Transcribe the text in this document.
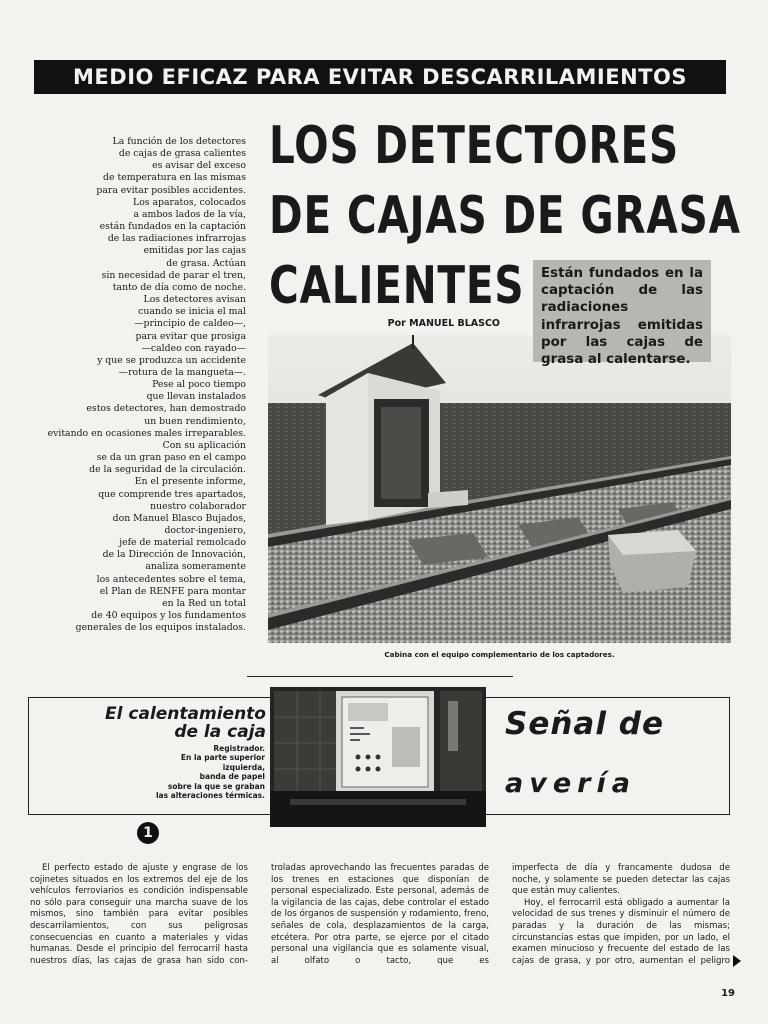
MEDIO EFICAZ PARA EVITAR DESCARRILAMIENTOS
La función de los detectores
de cajas de grasa calientes
es avisar del exceso
de temperatura en las mismas
para evitar posibles accidentes.
Los aparatos, colocados
a ambos lados de la vía,
están fundados en la captación
de las radiaciones infrarrojas
emitidas por las cajas
de grasa. Actúan
sin necesidad de parar el tren,
tanto de día como de noche.
Los detectores avisan
cuando se inicia el mal
—principio de caldeo—,
para evitar que prosiga
—caldeo con rayado—
y que se produzca un accidente
—rotura de la mangueta—.
Pese al poco tiempo
que llevan instalados
estos detectores, han demostrado
un buen rendimiento,
evitando en ocasiones males irreparables.
Con su aplicación
se da un gran paso en el campo
de la seguridad de la circulación.
En el presente informe,
que comprende tres apartados,
nuestro colaborador
don Manuel Blasco Bujados,
doctor-ingeniero,
jefe de material remolcado
de la Dirección de Innovación,
analiza someramente
los antecedentes sobre el tema,
el Plan de RENFE para montar
en la Red un total
de 40 equipos y los fundamentos
generales de los equipos instalados.
LOS DETECTORES
DE CAJAS DE GRASA
CALIENTES	Están fundados en la captación de las radiaciones infrarrojas emitidas por las cajas de grasa al calentarse.
Por MANUEL BLASCO
Cabina con el equipo complementario de los captadores.
El calentamiento
de la caja
Registrador.
En la parte superior
izquierda,
banda de papel
sobre la que se graban
las alteraciones térmicas.
Señal de
avería
1
El perfecto estado de ajuste y engrase de los cojinetes situados en los extremos del eje de los vehículos ferroviarios es condición indispensable no sólo para conseguir una marcha suave de los mismos, sino también para evitar posibles descarrilamientos, con sus peligrosas consecuencias en cuanto a materiales y vidas humanas. Desde el principio del ferrocarril hasta nuestros días, las cajas de grasa han sido con-
troladas aprovechando las frecuentes paradas de los trenes en estaciones que disponían de personal especializado. Este personal, además de la vigilancia de las cajas, debe controlar el estado de los órganos de suspensión y rodamiento, freno, señales de cola, desplazamientos de la carga, etcétera. Por otra parte, se ejerce por el citado personal una vigilancia que es solamente visual, al olfato o tacto, que es
imperfecta de día y francamente dudosa de noche, y solamente se pueden detectar las cajas que están muy calientes.
Hoy, el ferrocarril está obligado a aumentar la velocidad de sus trenes y disminuir el número de paradas y la duración de las mismas; circunstancias estas que impiden, por un lado, el examen minucioso y frecuente del estado de las cajas de grasa, y por otro, aumentan el peligro
19
